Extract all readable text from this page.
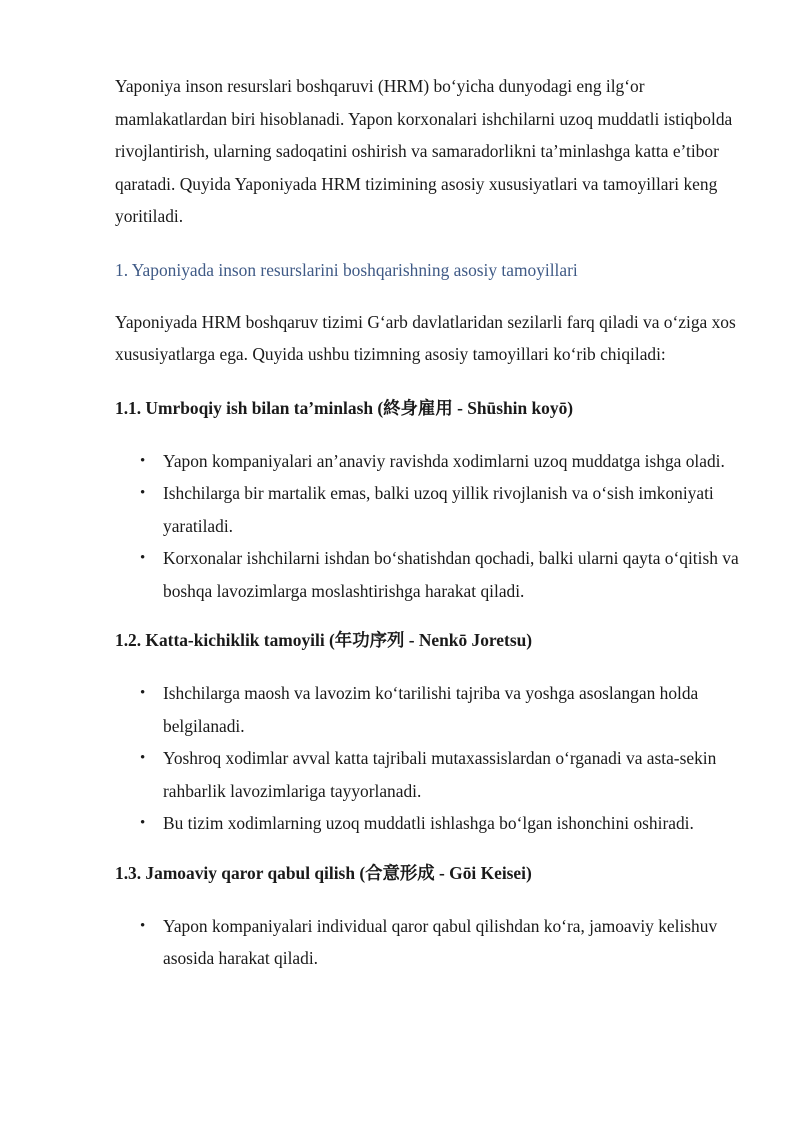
Yaponiya inson resurslari boshqaruvi (HRM) bo‘yicha dunyodagi eng ilg‘or mamlakatlardan biri hisoblanadi. Yapon korxonalari ishchilarni uzoq muddatli istiqbolda rivojlantirish, ularning sadoqatini oshirish va samaradorlikni ta’minlashga katta e’tibor qaratadi. Quyida Yaponiyada HRM tizimining asosiy xususiyatlari va tamoyillari keng yoritiladi.

1. Yaponiyada inson resurslarini boshqarishning asosiy tamoyillari

Yaponiyada HRM boshqaruv tizimi G‘arb davlatlaridan sezilarli farq qiladi va o‘ziga xos xususiyatlarga ega. Quyida ushbu tizimning asosiy tamoyillari ko‘rib chiqiladi:

1.1. Umrboqiy ish bilan ta’minlash (終身雇用 - Shūshin koyō)
• Yapon kompaniyalari an’anaviy ravishda xodimlarni uzoq muddatga ishga oladi.
• Ishchilarga bir martalik emas, balki uzoq yillik rivojlanish va o‘sish imkoniyati yaratiladi.
• Korxonalar ishchilarni ishdan bo‘shatishdan qochadi, balki ularni qayta o‘qitish va boshqa lavozimlarga moslashtirishga harakat qiladi.
1.2. Katta-kichiklik tamoyili (年功序列 - Nenkō Joretsu)
• Ishchilarga maosh va lavozim ko‘tarilishi tajriba va yoshga asoslangan holda belgilanadi.
• Yoshroq xodimlar avval katta tajribali mutaxassislardan o‘rganadi va asta-sekin rahbarlik lavozimlariga tayyorlanadi.
• Bu tizim xodimlarning uzoq muddatli ishlashga bo‘lgan ishonchini oshiradi.
1.3. Jamoaviy qaror qabul qilish (合意形成 - Gōi Keisei)
• Yapon kompaniyalari individual qaror qabul qilishdan ko‘ra, jamoaviy kelishuv asosida harakat qiladi.
